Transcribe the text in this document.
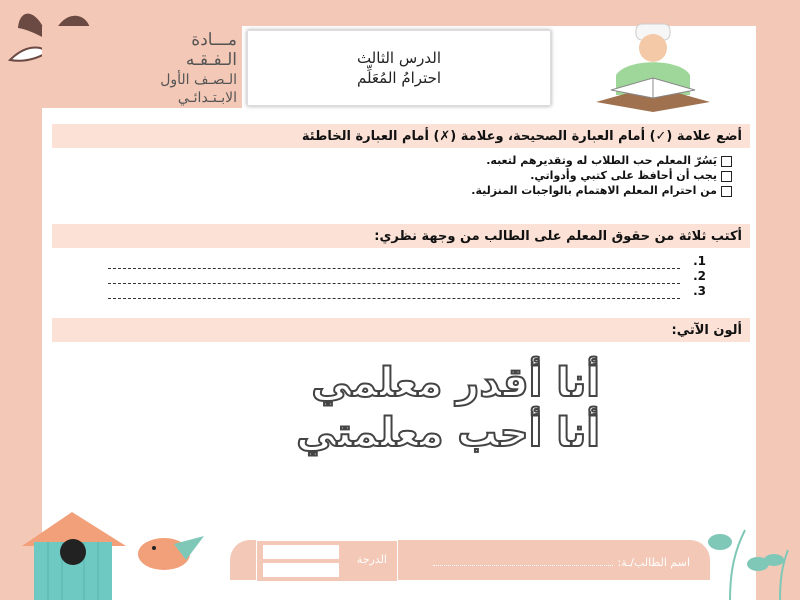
مـــادة
الـفـقـه
الـصـف الأول
الابـتـدائـي
الدرس الثالث
احترامُ المُعَلِّم
أضع علامة (✓) أمام العبارة الصحيحة، وعلامة (✗) أمام العبارة الخاطئة
يَسُرّ المعلم حب الطلاب له وتقديرهم لتعبه.
يجب أن أحافظ على كتبي وأدواتي.
من احترام المعلم الاهتمام بالواجبات المنزلية.
أكتب ثلاثة من حقوق المعلم على الطالب من وجهة نظري:
1.
2.
3.
ألون الآتي:
أنا أقدر معلمي
أنا أحب معلمتي
اسم الطالب/ـة:
الدرجة
